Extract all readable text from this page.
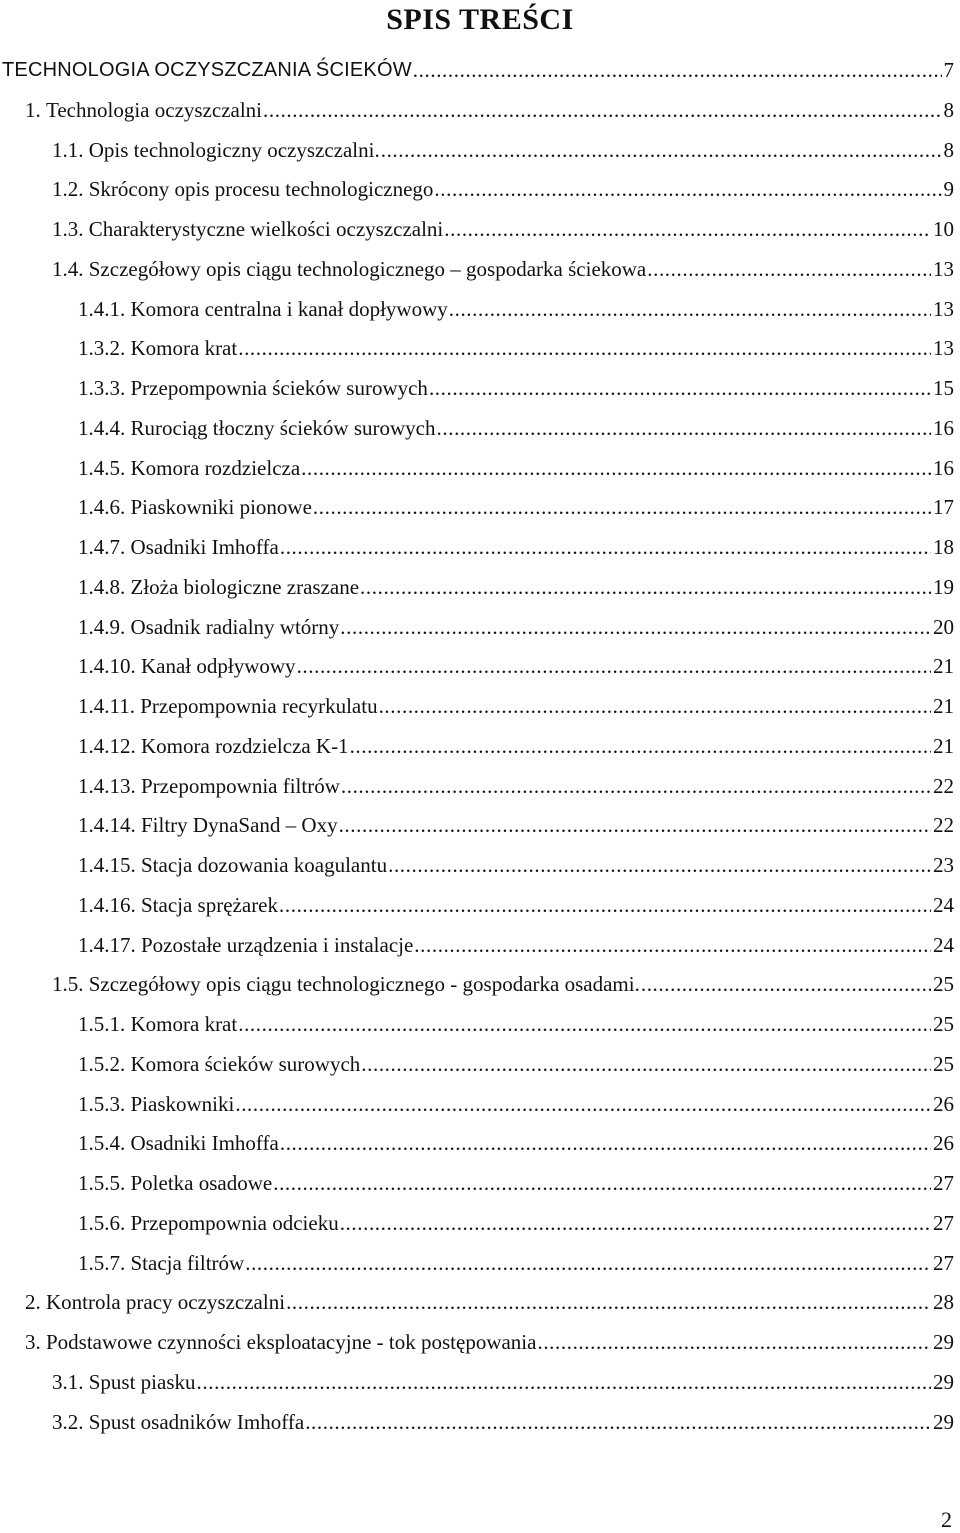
SPIS TREŚCI
TECHNOLOGIA OCZYSZCZANIA ŚCIEKÓW .....	7
1. Technologia oczyszczalni .....	8
1.1. Opis technologiczny oczyszczalni. .....	8
1.2. Skrócony opis procesu technologicznego .....	9
1.3. Charakterystyczne wielkości oczyszczalni .....	10
1.4. Szczegółowy opis ciągu technologicznego – gospodarka ściekowa .....	13
1.4.1. Komora centralna i kanał dopływowy .....	13
1.3.2. Komora krat .....	13
1.3.3. Przepompownia ścieków surowych .....	15
1.4.4. Rurociąg tłoczny ścieków surowych .....	16
1.4.5. Komora rozdzielcza .....	16
1.4.6. Piaskowniki pionowe .....	17
1.4.7. Osadniki Imhoffa .....	18
1.4.8. Złoża biologiczne zraszane .....	19
1.4.9. Osadnik radialny wtórny .....	20
1.4.10. Kanał odpływowy .....	21
1.4.11. Przepompownia recyrkulatu .....	21
1.4.12. Komora rozdzielcza K-1 .....	21
1.4.13. Przepompownia filtrów .....	22
1.4.14. Filtry DynaSand – Oxy .....	22
1.4.15. Stacja dozowania koagulantu .....	23
1.4.16. Stacja sprężarek .....	24
1.4.17. Pozostałe urządzenia i instalacje .....	24
1.5. Szczegółowy opis ciągu technologicznego - gospodarka osadami. .....	25
1.5.1. Komora krat .....	25
1.5.2. Komora ścieków surowych .....	25
1.5.3. Piaskowniki .....	26
1.5.4. Osadniki Imhoffa .....	26
1.5.5. Poletka osadowe .....	27
1.5.6. Przepompownia odcieku .....	27
1.5.7. Stacja filtrów .....	27
2. Kontrola pracy oczyszczalni .....	28
3. Podstawowe czynności eksploatacyjne - tok postępowania .....	29
3.1. Spust piasku .....	29
3.2. Spust osadników Imhoffa .....	29
2
